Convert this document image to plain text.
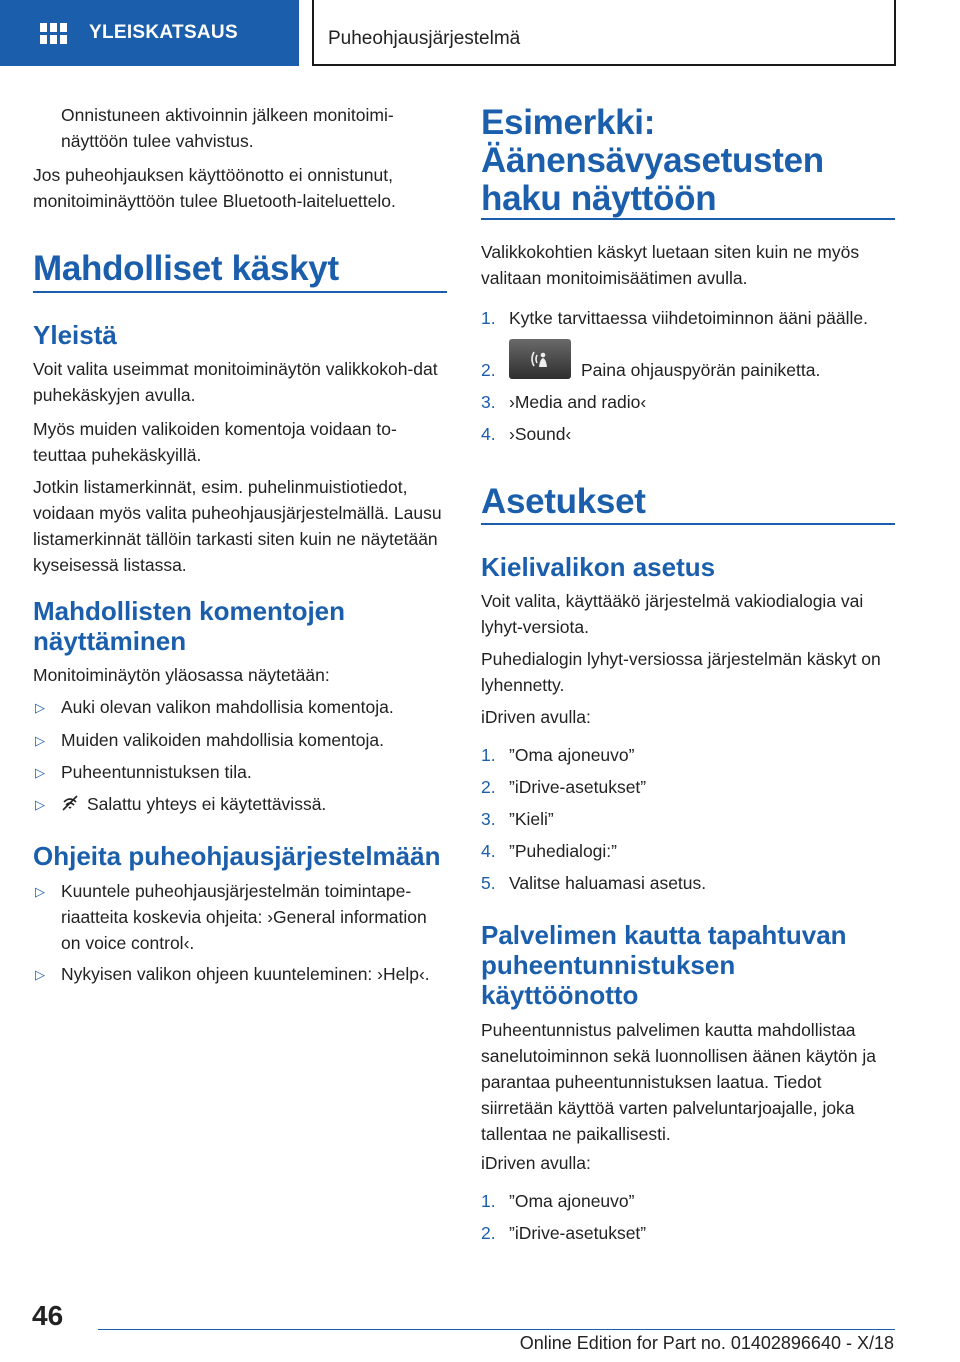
YLEISKATSAUS	Puheohjausjärjestelmä
Onnistuneen aktivoinnin jälkeen monitoimi-
näyttöön tulee vahvistus.
Jos puheohjauksen käyttöönotto ei onnistunut, monitoiminäyttöön tulee Bluetooth-laiteluettelo.
Mahdolliset käskyt
Yleistä
Voit valita useimmat monitoiminäytön valikkokoh-dat puhekäskyjen avulla.
Myös muiden valikoiden komentoja voidaan to-teuttaa puhekäskyillä.
Jotkin listamerkinnät, esim. puhelinmuistiotiedot, voidaan myös valita puheohjausjärjestelmällä. Lausu listamerkinnät tällöin tarkasti siten kuin ne näytetään kyseisessä listassa.
Mahdollisten komentojen näyttäminen
Monitoiminäytön yläosassa näytetään:
▷ Auki olevan valikon mahdollisia komentoja.
▷ Muiden valikoiden mahdollisia komentoja.
▷ Puheentunnistuksen tila.
▷	Salattu yhteys ei käytettävissä.
Ohjeita puheohjausjärjestelmään
▷ Kuuntele puheohjausjärjestelmän toimintape-riaatteita koskevia ohjeita: ›General information on voice control‹.
▷ Nykyisen valikon ohjeen kuunteleminen: ›Help‹.
Esimerkki: Äänensävyasetusten haku näyttöön
Valikkokohtien käskyt luetaan siten kuin ne myös valitaan monitoimisäätimen avulla.
1. Kytke tarvittaessa viihdetoiminnon ääni päälle.
2.	Paina ohjauspyörän painiketta.
3. ›Media and radio‹
4. ›Sound‹
Asetukset
Kielivalikon asetus
Voit valita, käyttääkö järjestelmä vakiodialogia vai lyhyt-versiota.
Puhedialogin lyhyt-versiossa järjestelmän käskyt on lyhennetty.
iDriven avulla:
1. ”Oma ajoneuvo”
2. ”iDrive-asetukset”
3. ”Kieli”
4. ”Puhedialogi:”
5. Valitse haluamasi asetus.
Palvelimen kautta tapahtuvan puheentunnistuksen käyttöönotto
Puheentunnistus palvelimen kautta mahdollistaa sanelutoiminnon sekä luonnollisen äänen käytön ja parantaa puheentunnistuksen laatua. Tiedot siirretään käyttöä varten palveluntarjoajalle, joka tallentaa ne paikallisesti.
iDriven avulla:
1. ”Oma ajoneuvo”
2. ”iDrive-asetukset”
46
Online Edition for Part no. 01402896640 - X/18
